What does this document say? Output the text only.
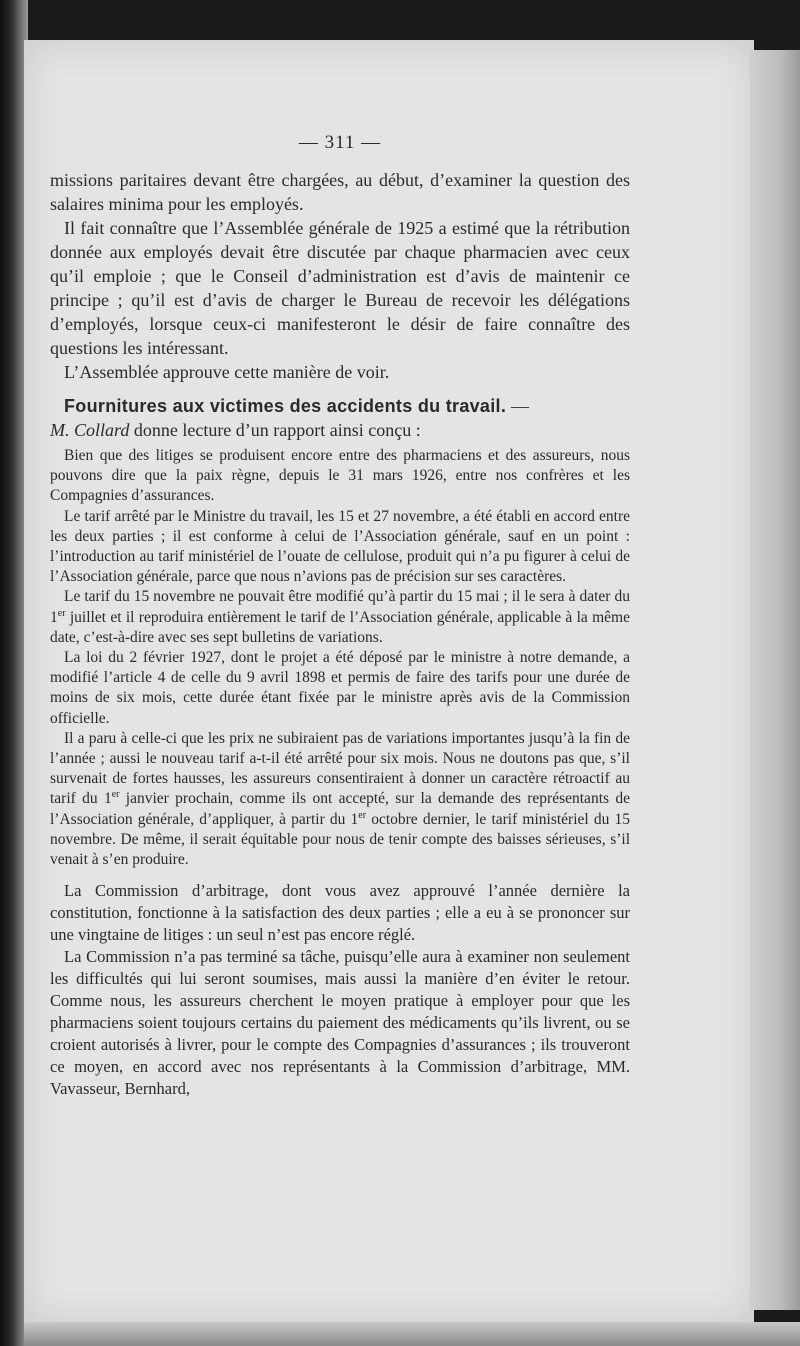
— 311 —

missions paritaires devant être chargées, au début, d’examiner la question des salaires minima pour les employés.

Il fait connaître que l’Assemblée générale de 1925 a estimé que la rétribution donnée aux employés devait être discutée par chaque pharmacien avec ceux qu’il emploie ; que le Conseil d’administration est d’avis de maintenir ce principe ; qu’il est d’avis de charger le Bureau de recevoir les délégations d’employés, lorsque ceux-ci manifesteront le désir de faire connaître des questions les intéressant.

L’Assemblée approuve cette manière de voir.

Fournitures aux victimes des accidents du travail. —

M. Collard donne lecture d’un rapport ainsi conçu :

Bien que des litiges se produisent encore entre des pharmaciens et des assureurs, nous pouvons dire que la paix règne, depuis le 31 mars 1926, entre nos confrères et les Compagnies d’assurances.

Le tarif arrêté par le Ministre du travail, les 15 et 27 novembre, a été établi en accord entre les deux parties ; il est conforme à celui de l’Association générale, sauf en un point : l’introduction au tarif ministériel de l’ouate de cellulose, produit qui n’a pu figurer à celui de l’Association générale, parce que nous n’avions pas de précision sur ses caractères.

Le tarif du 15 novembre ne pouvait être modifié qu’à partir du 15 mai ; il le sera à dater du 1er juillet et il reproduira entièrement le tarif de l’Association générale, applicable à la même date, c’est-à-dire avec ses sept bulletins de variations.

La loi du 2 février 1927, dont le projet a été déposé par le ministre à notre demande, a modifié l’article 4 de celle du 9 avril 1898 et permis de faire des tarifs pour une durée de moins de six mois, cette durée étant fixée par le ministre après avis de la Commission officielle.

Il a paru à celle-ci que les prix ne subiraient pas de variations importantes jusqu’à la fin de l’année ; aussi le nouveau tarif a-t-il été arrêté pour six mois. Nous ne doutons pas que, s’il survenait de fortes hausses, les assureurs consentiraient à donner un caractère rétroactif au tarif du 1er janvier prochain, comme ils ont accepté, sur la demande des représentants de l’Association générale, d’appliquer, à partir du 1er octobre dernier, le tarif ministériel du 15 novembre. De même, il serait équitable pour nous de tenir compte des baisses sérieuses, s’il venait à s’en produire.

La Commission d’arbitrage, dont vous avez approuvé l’année dernière la constitution, fonctionne à la satisfaction des deux parties ; elle a eu à se prononcer sur une vingtaine de litiges : un seul n’est pas encore réglé.

La Commission n’a pas terminé sa tâche, puisqu’elle aura à examiner non seulement les difficultés qui lui seront soumises, mais aussi la manière d’en éviter le retour. Comme nous, les assureurs cherchent le moyen pratique à employer pour que les pharmaciens soient toujours certains du paiement des médicaments qu’ils livrent, ou se croient autorisés à livrer, pour le compte des Compagnies d’assurances ; ils trouveront ce moyen, en accord avec nos représentants à la Commission d’arbitrage, MM. Vavasseur, Bernhard,
